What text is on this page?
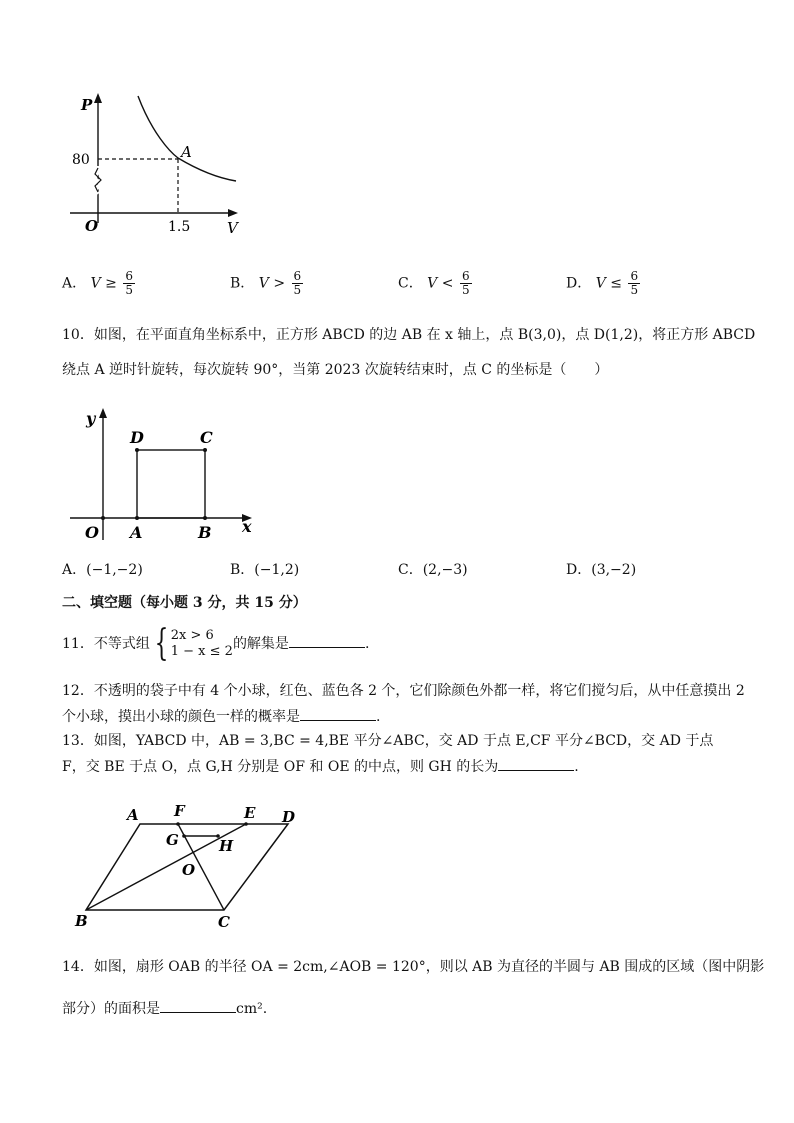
P
V
O
A
80
1.5
A． $V \ge \frac{6}{5}$	B． $V > \frac{6}{5}$	C． $V < \frac{6}{5}$	D． $V \le \frac{6}{5}$
10．如图，在平面直角坐标系中，正方形 ABCD 的边 AB 在 x 轴上，点 B(3,0)，点 D(1,2)，将正方形 ABCD
绕点 A 逆时针旋转，每次旋转 90°，当第 2023 次旋转结束时，点 C 的坐标是（　　）
y
x
O A	B
C
D
A．(−1,−2)	B．(−1,2)	C．(2,−3)	D．(3,−2)
二、填空题（每小题 3 分，共 15 分）
11．不等式组 { 2x > 6
1 − x ≤ 2 的解集是	.
12．不透明的袋子中有 4 个小球，红色、蓝色各 2 个，它们除颜色外都一样，将它们搅匀后，从中任意摸出 2
个小球，摸出小球的颜色一样的概率是	.
13．如图，YABCD 中，AB = 3,BC = 4,BE 平分∠ABC，交 AD 于点 E,CF 平分∠BCD，交 AD 于点
F，交 BE 于点 O，点 G,H 分别是 OF 和 OE 的中点，则 GH 的长为	.
A F	E D
G	H
O
B	C
14．如图，扇形 OAB 的半径 OA = 2cm,∠AOB = 120°，则以 AB 为直径的半圆与 AB 围成的区域（图中阴影
部分）的面积是	cm².
